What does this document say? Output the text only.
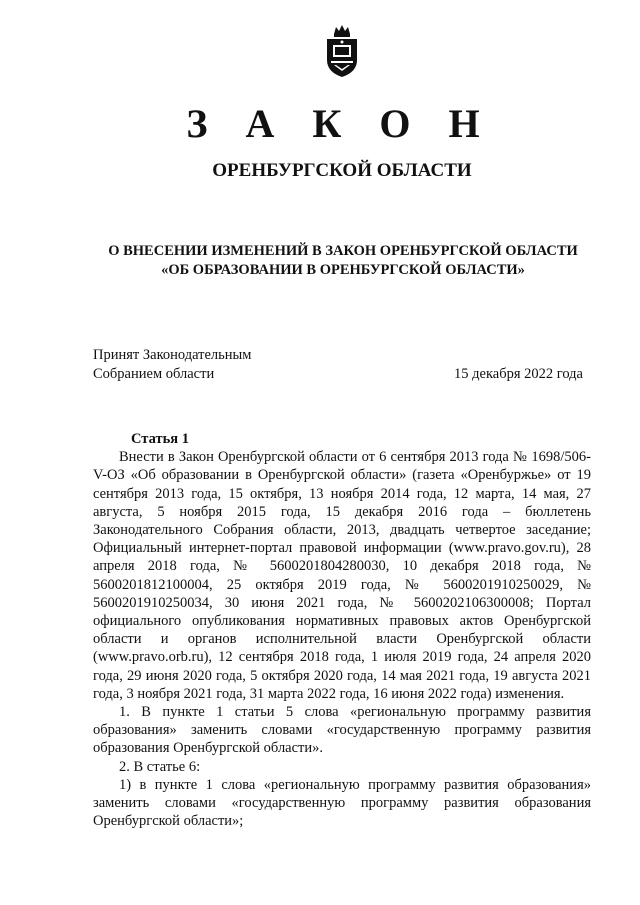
З А К О Н
ОРЕНБУРГСКОЙ ОБЛАСТИ
О ВНЕСЕНИИ ИЗМЕНЕНИЙ В ЗАКОН ОРЕНБУРГСКОЙ ОБЛАСТИ
«ОБ ОБРАЗОВАНИИ В ОРЕНБУРГСКОЙ ОБЛАСТИ»
Принят Законодательным
Собранием области	15 декабря 2022 года

Статья 1

Внести в Закон Оренбургской области от 6 сентября 2013 года № 1698/506-V-ОЗ «Об образовании в Оренбургской области» (газета «Оренбуржье» от 19 сентября 2013 года, 15 октября, 13 ноября 2014 года, 12 марта, 14 мая, 27 августа, 5 ноября 2015 года, 15 декабря 2016 года – бюллетень Законодательного Собрания области, 2013, двадцать четвертое заседание; Официальный интернет-портал правовой информации (www.pravo.gov.ru), 28 апреля 2018 года, № 5600201804280030, 10 декабря 2018 года, № 5600201812100004, 25 октября 2019 года, № 5600201910250029, № 5600201910250034, 30 июня 2021 года, № 5600202106300008; Портал официального опубликования нормативных правовых актов Оренбургской области и органов исполнительной власти Оренбургской области (www.pravo.orb.ru), 12 сентября 2018 года, 1 июля 2019 года, 24 апреля 2020 года, 29 июня 2020 года, 5 октября 2020 года, 14 мая 2021 года, 19 августа 2021 года, 3 ноября 2021 года, 31 марта 2022 года, 16 июня 2022 года) изменения.

1. В пункте 1 статьи 5 слова «региональную программу развития образования» заменить словами «государственную программу развития образования Оренбургской области».

2. В статье 6:

1) в пункте 1 слова «региональную программу развития образования» заменить словами «государственную программу развития образования Оренбургской области»;
